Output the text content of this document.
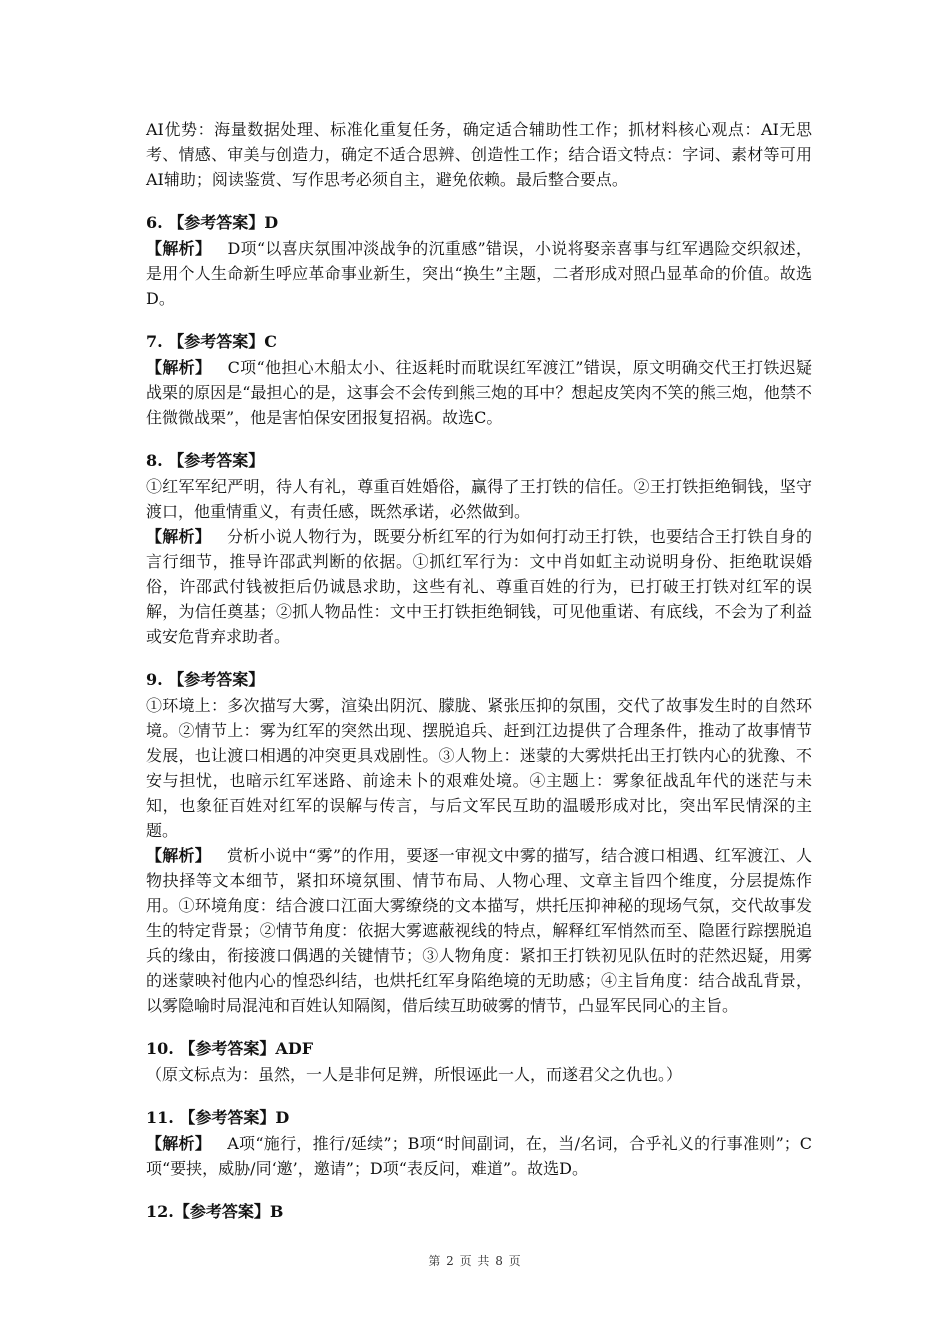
AI优势：海量数据处理、标准化重复任务，确定适合辅助性工作；抓材料核心观点：AI无思考、情感、审美与创造力，确定不适合思辨、创造性工作；结合语文特点：字词、素材等可用AI辅助；阅读鉴赏、写作思考必须自主，避免依赖。最后整合要点。

6. 【参考答案】D

【解析】 D项“以喜庆氛围冲淡战争的沉重感”错误，小说将娶亲喜事与红军遇险交织叙述，是用个人生命新生呼应革命事业新生，突出“换生”主题，二者形成对照凸显革命的价值。故选D。

7. 【参考答案】C

【解析】 C项“他担心木船太小、往返耗时而耽误红军渡江”错误，原文明确交代王打铁迟疑战栗的原因是“最担心的是，这事会不会传到熊三炮的耳中？想起皮笑肉不笑的熊三炮，他禁不住微微战栗”，他是害怕保安团报复招祸。故选C。

8. 【参考答案】

①红军军纪严明，待人有礼，尊重百姓婚俗，赢得了王打铁的信任。②王打铁拒绝铜钱，坚守渡口，他重情重义，有责任感，既然承诺，必然做到。

【解析】 分析小说人物行为，既要分析红军的行为如何打动王打铁，也要结合王打铁自身的言行细节，推导许邵武判断的依据。①抓红军行为：文中肖如虹主动说明身份、拒绝耽误婚俗，许邵武付钱被拒后仍诚恳求助，这些有礼、尊重百姓的行为，已打破王打铁对红军的误解，为信任奠基；②抓人物品性：文中王打铁拒绝铜钱，可见他重诺、有底线，不会为了利益或安危背弃求助者。

9. 【参考答案】

①环境上：多次描写大雾，渲染出阴沉、朦胧、紧张压抑的氛围，交代了故事发生时的自然环境。②情节上：雾为红军的突然出现、摆脱追兵、赶到江边提供了合理条件，推动了故事情节发展，也让渡口相遇的冲突更具戏剧性。③人物上：迷蒙的大雾烘托出王打铁内心的犹豫、不安与担忧，也暗示红军迷路、前途未卜的艰难处境。④主题上：雾象征战乱年代的迷茫与未知，也象征百姓对红军的误解与传言，与后文军民互助的温暖形成对比，突出军民情深的主题。

【解析】 赏析小说中“雾”的作用，要逐一审视文中雾的描写，结合渡口相遇、红军渡江、人物抉择等文本细节，紧扣环境氛围、情节布局、人物心理、文章主旨四个维度，分层提炼作用。①环境角度：结合渡口江面大雾缭绕的文本描写，烘托压抑神秘的现场气氛，交代故事发生的特定背景；②情节角度：依据大雾遮蔽视线的特点，解释红军悄然而至、隐匿行踪摆脱追兵的缘由，衔接渡口偶遇的关键情节；③人物角度：紧扣王打铁初见队伍时的茫然迟疑，用雾的迷蒙映衬他内心的惶恐纠结，也烘托红军身陷绝境的无助感；④主旨角度：结合战乱背景，以雾隐喻时局混沌和百姓认知隔阂，借后续互助破雾的情节，凸显军民同心的主旨。

10. 【参考答案】ADF

（原文标点为：虽然，一人是非何足辨，所恨诬此一人，而遂君父之仇也。）

11. 【参考答案】D

【解析】 A项“施行，推行/延续”；B项“时间副词，在，当/名词，合乎礼义的行事准则”；C项“要挟，威胁/同‘邀’，邀请”；D项“表反问，难道”。故选D。

12.【参考答案】B

第 2 页 共 8 页
